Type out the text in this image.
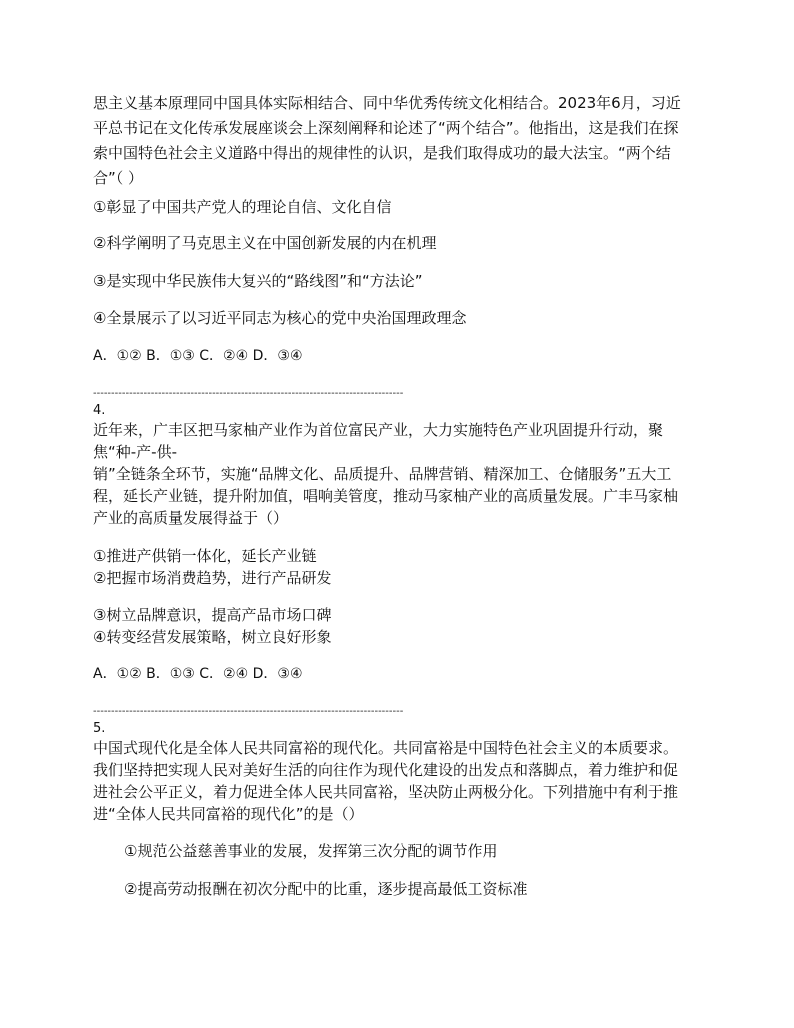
思主义基本原理同中国具体实际相结合、同中华优秀传统文化相结合。2023年6月，习近
平总书记在文化传承发展座谈会上深刻阐释和论述了“两个结合”。他指出，这是我们在探
索中国特色社会主义道路中得出的规律性的认识，是我们取得成功的最大法宝。“两个结
合”（ ）
①彰显了中国共产党人的理论自信、文化自信
②科学阐明了马克思主义在中国创新发展的内在机理
③是实现中华民族伟大复兴的“路线图”和“方法论”
④全景展示了以习近平同志为核心的党中央治国理政理念
A．①② B．①③ C．②④ D．③④
--------------------------------------------------------------------------------------
4.
近年来，广丰区把马家柚产业作为首位富民产业，大力实施特色产业巩固提升行动，聚
焦“种-产-供-
销”全链条全环节，实施“品牌文化、品质提升、品牌营销、精深加工、仓储服务”五大工
程，延长产业链，提升附加值，唱响美管度，推动马家柚产业的高质量发展。广丰马家柚
产业的高质量发展得益于（）
①推进产供销一体化，延长产业链
②把握市场消费趋势，进行产品研发
③树立品牌意识，提高产品市场口碑
④转变经营发展策略，树立良好形象
A．①② B．①③ C．②④ D．③④
--------------------------------------------------------------------------------------
5.
中国式现代化是全体人民共同富裕的现代化。共同富裕是中国特色社会主义的本质要求。
我们坚持把实现人民对美好生活的向往作为现代化建设的出发点和落脚点，着力维护和促
进社会公平正义，着力促进全体人民共同富裕，坚决防止两极分化。下列措施中有利于推
进“全体人民共同富裕的现代化”的是（）
①规范公益慈善事业的发展，发挥第三次分配的调节作用
②提高劳动报酬在初次分配中的比重，逐步提高最低工资标准
